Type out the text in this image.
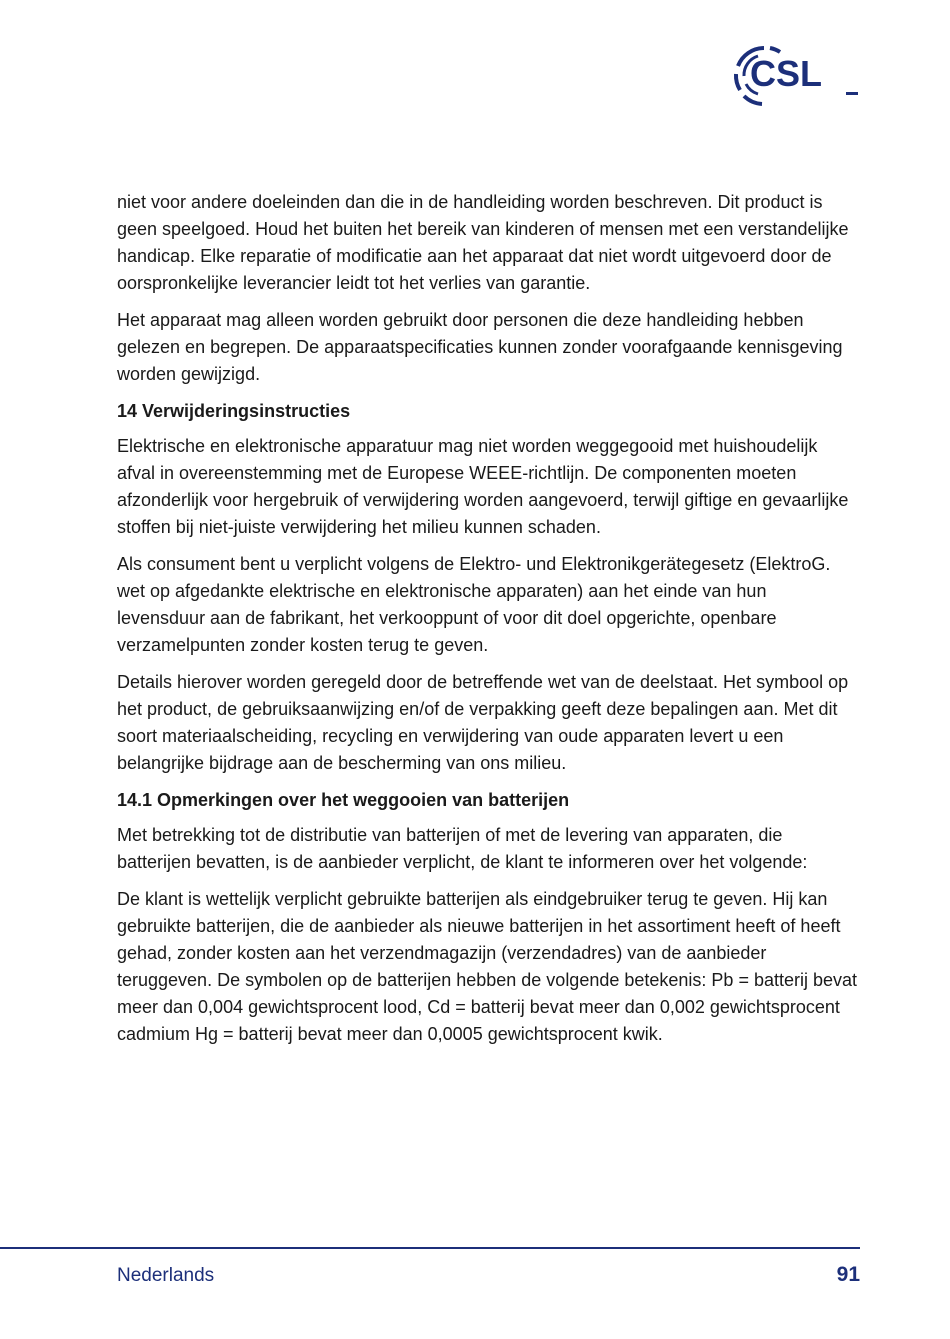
CSL

niet voor andere doeleinden dan die in de handleiding worden beschreven. Dit product is geen speelgoed. Houd het buiten het bereik van kinderen of mensen met een verstandelijke handicap. Elke reparatie of modificatie aan het apparaat dat niet wordt uitgevoerd door de oorspronkelijke leverancier leidt tot het verlies van garantie.

Het apparaat mag alleen worden gebruikt door personen die deze handleiding hebben gelezen en begrepen. De apparaatspecificaties kunnen zonder voorafgaande kennisgeving worden gewijzigd.

14 Verwijderingsinstructies

Elektrische en elektronische apparatuur mag niet worden weggegooid met huishoudelijk afval in overeenstemming met de Europese WEEE-richtlijn. De componenten moeten afzonderlijk voor hergebruik of verwijdering worden aangevoerd, terwijl giftige en gevaarlijke stoffen bij niet-juiste verwijdering het milieu kunnen schaden.

Als consument bent u verplicht volgens de Elektro- und Elektronikgerätegesetz (ElektroG. wet op afgedankte elektrische en elektronische apparaten) aan het einde van hun levensduur aan de fabrikant, het verkooppunt of voor dit doel opgerichte, openbare verzamelpunten zonder kosten terug te geven.

Details hierover worden geregeld door de betreffende wet van de deelstaat. Het symbool op het product, de gebruiksaanwijzing en/of de verpakking geeft deze bepalingen aan. Met dit soort materiaalscheiding, recycling en verwijdering van oude apparaten levert u een belangrijke bijdrage aan de bescherming van ons milieu.

14.1 Opmerkingen over het weggooien van batterijen

Met betrekking tot de distributie van batterijen of met de levering van apparaten, die batterijen bevatten, is de aanbieder verplicht, de klant te informeren over het volgende:

De klant is wettelijk verplicht gebruikte batterijen als eindgebruiker terug te geven. Hij kan gebruikte batterijen, die de aanbieder als nieuwe batterijen in het assortiment heeft of heeft gehad, zonder kosten aan het verzendmagazijn (verzendadres) van de aanbieder teruggeven. De symbolen op de batterijen hebben de volgende betekenis: Pb = batterij bevat meer dan 0,004 gewichtsprocent lood, Cd = batterij bevat meer dan 0,002 gewichtsprocent cadmium Hg = batterij bevat meer dan 0,0005 gewichtsprocent kwik.

Nederlands	91
